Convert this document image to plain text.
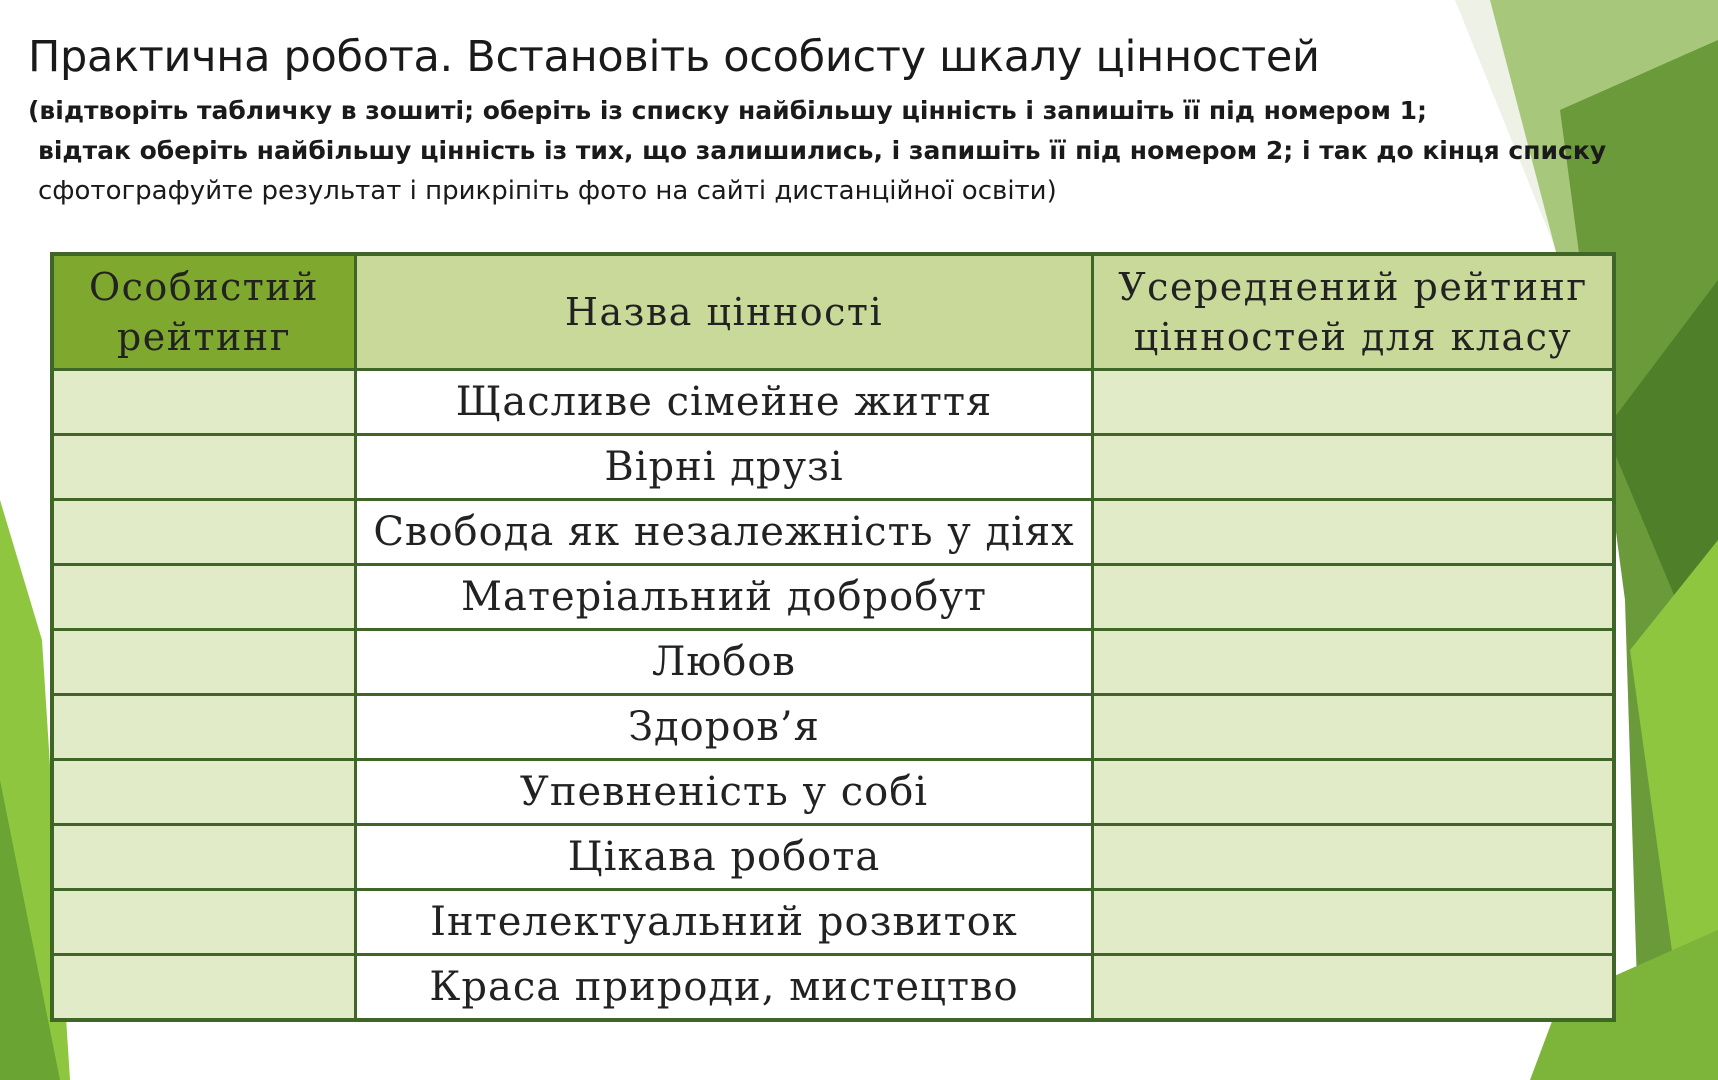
Практична робота. Встановіть особисту шкалу цінностей
(відтворіть табличку в зошиті; оберіть із списку найбільшу цінність і запишіть її під номером 1;
відтак оберіть найбільшу цінність із тих, що залишились, і запишіть її під номером 2; і так до кінця списку
сфотографуйте результат і прикріпіть фото на сайті дистанційної освіти)
Особистий
рейтинг	Назва цінності	Усереднений рейтинг
цінностей для класу
	Щасливе сімейне життя	
	Вірні друзі	
	Свобода як незалежність у діях	
	Матеріальний добробут	
	Любов	
	Здоров’я	
	Упевненість у собі	
	Цікава робота	
	Інтелектуальний розвиток	
	Краса природи, мистецтво	
